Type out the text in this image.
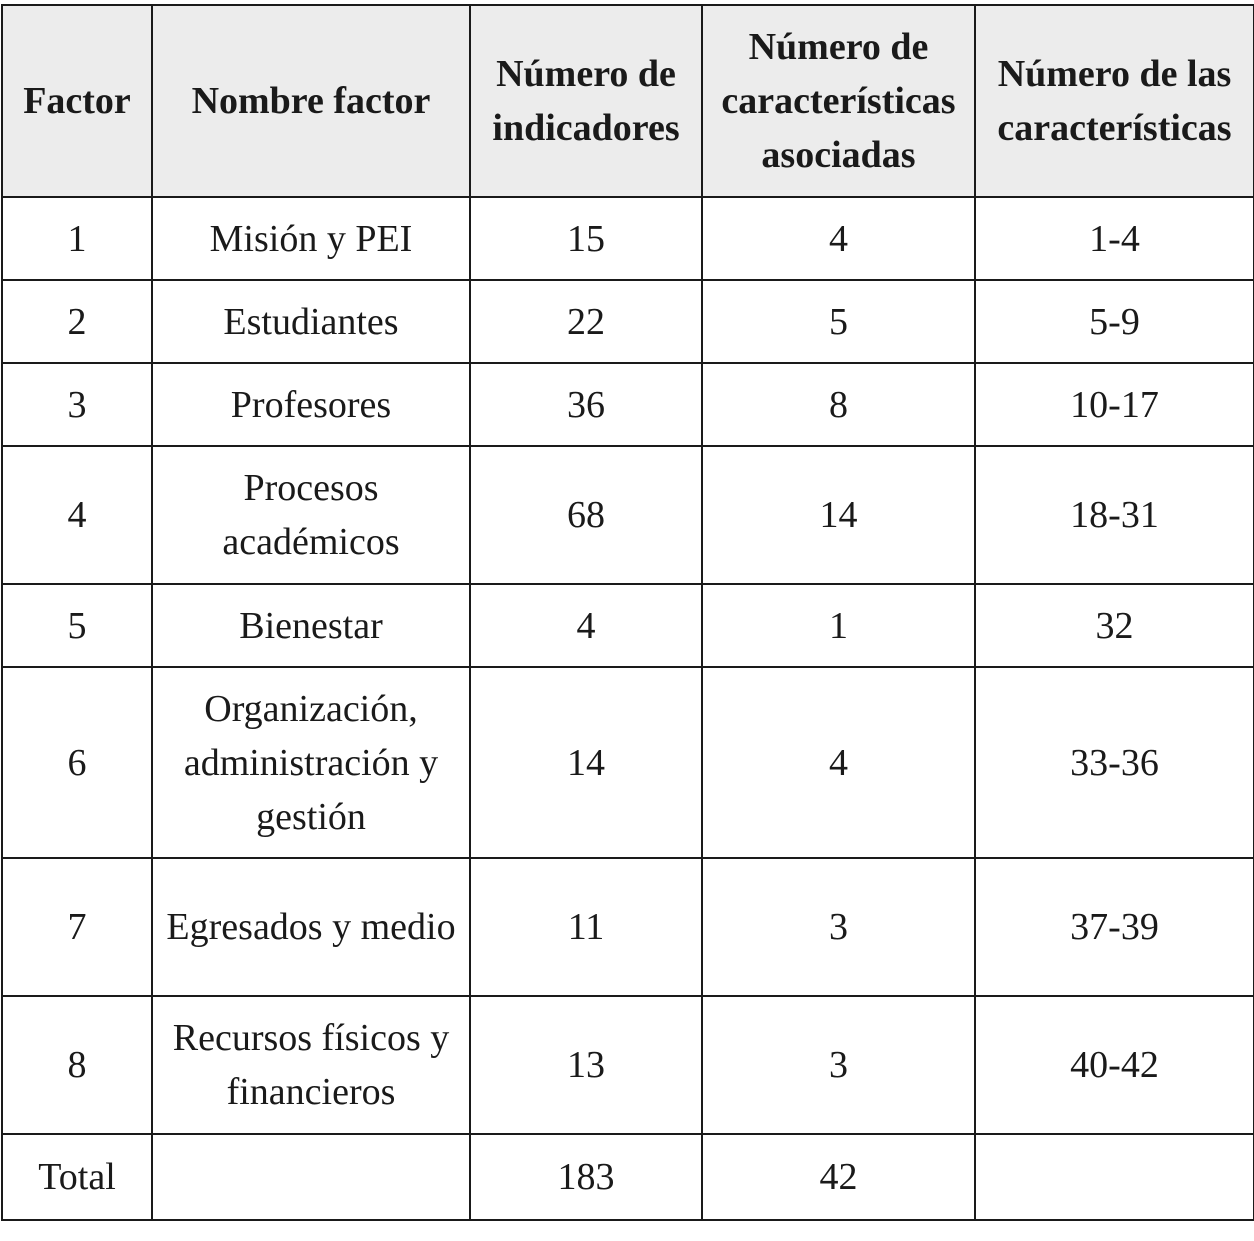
Factor	Nombre factor	Número de indicadores	Número de características asociadas	Número de las características
1	Misión y PEI	15	4	1-4
2	Estudiantes	22	5	5-9
3	Profesores	36	8	10-17
4	Procesos académicos	68	14	18-31
5	Bienestar	4	1	32
6	Organización, administración y gestión	14	4	33-36
7	Egresados y medio	11	3	37-39
8	Recursos físicos y financieros	13	3	40-42
Total		183	42	
